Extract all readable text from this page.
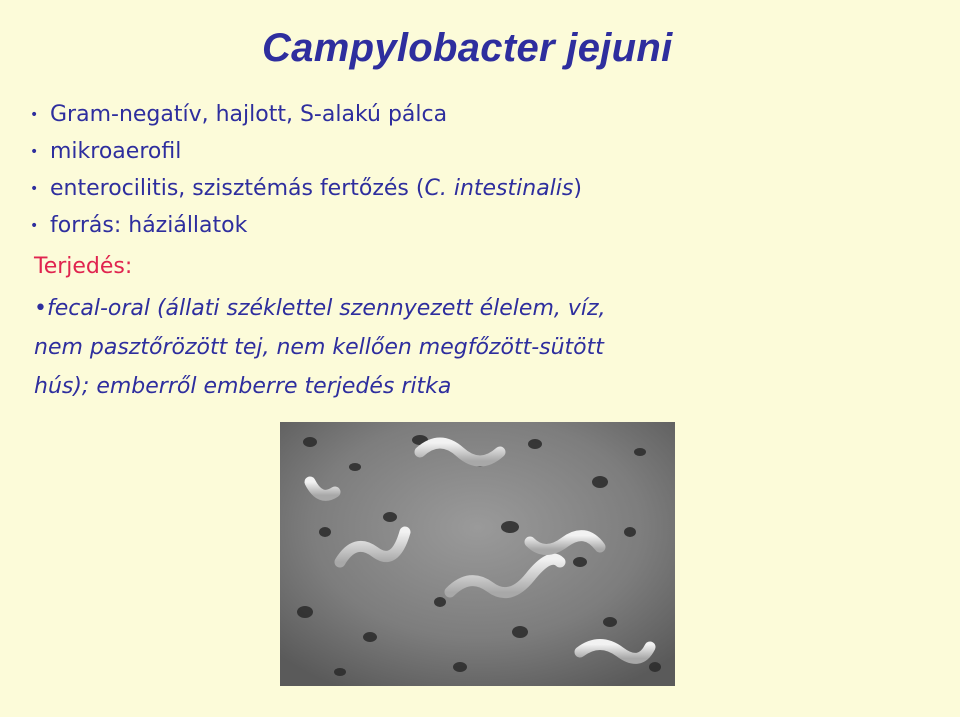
Campylobacter jejuni
• Gram-negatív, hajlott, S-alakú pálca
• mikroaerofil
• enterocilitis, szisztémás fertőzés (C. intestinalis)
• forrás: háziállatok
Terjedés:
•fecal-oral (állati széklettel szennyezett élelem, víz,
nem pasztőrözött tej, nem kellően megfőzött-sütött
hús); emberről emberre terjedés ritka
